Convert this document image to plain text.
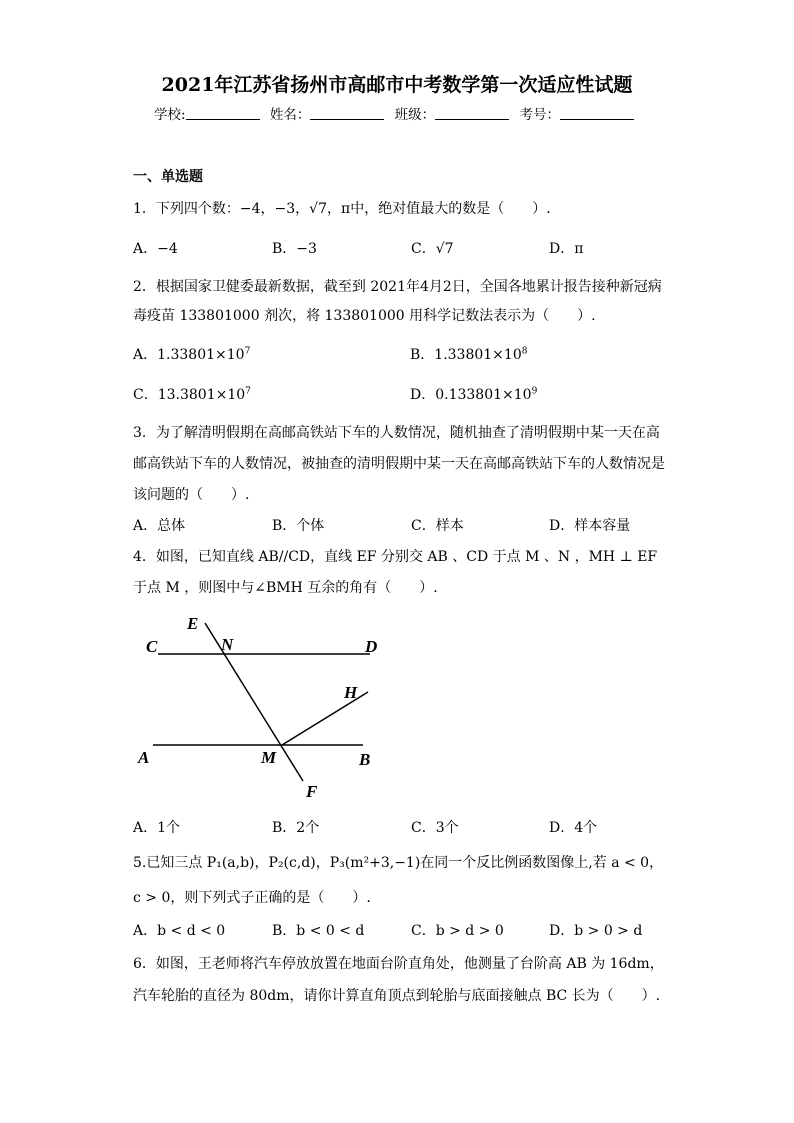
2021年江苏省扬州市高邮市中考数学第一次适应性试题
学校:	姓名：	班级：	考号：
一、单选题
1．下列四个数：−4，−3，√7，π中，绝对值最大的数是（　　）.
A．−4	B．−3	C．√7	D．π
2．根据国家卫健委最新数据，截至到 2021年4月2日，全国各地累计报告接种新冠病
毒疫苗 133801000 剂次，将 133801000 用科学记数法表示为（　　）.
A．$1.33801\times 10^7$	B．$1.33801\times 10^8$
C．$13.3801\times 10^7$	D．$0.133801\times 10^9$
3．为了解清明假期在高邮高铁站下车的人数情况，随机抽查了清明假期中某一天在高
邮高铁站下车的人数情况，被抽查的清明假期中某一天在高邮高铁站下车的人数情况是
该问题的（　　）.
A．总体	B．个体	C．样本	D．样本容量
4．如图，已知直线 AB//CD，直线 EF 分别交 AB 、CD 于点 M 、N ，MH ⊥ EF
于点 M ，则图中与∠BMH 互余的角有（　　）.
E
N
C	D
H
A	M	B
F
A．1个	B．2个	C．3个	D．4个
5.已知三点 P₁(a,b)，P₂(c,d)，P₃(m²+3,−1)在同一个反比例函数图像上,若 a < 0，
c > 0，则下列式子正确的是（　　）.
A．b < d < 0	B．b < 0 < d	C．b > d > 0	D．b > 0 > d
6．如图，王老师将汽车停放放置在地面台阶直角处，他测量了台阶高 AB 为 16dm，
汽车轮胎的直径为 80dm，请你计算直角顶点到轮胎与底面接触点 BC 长为（　　）.
